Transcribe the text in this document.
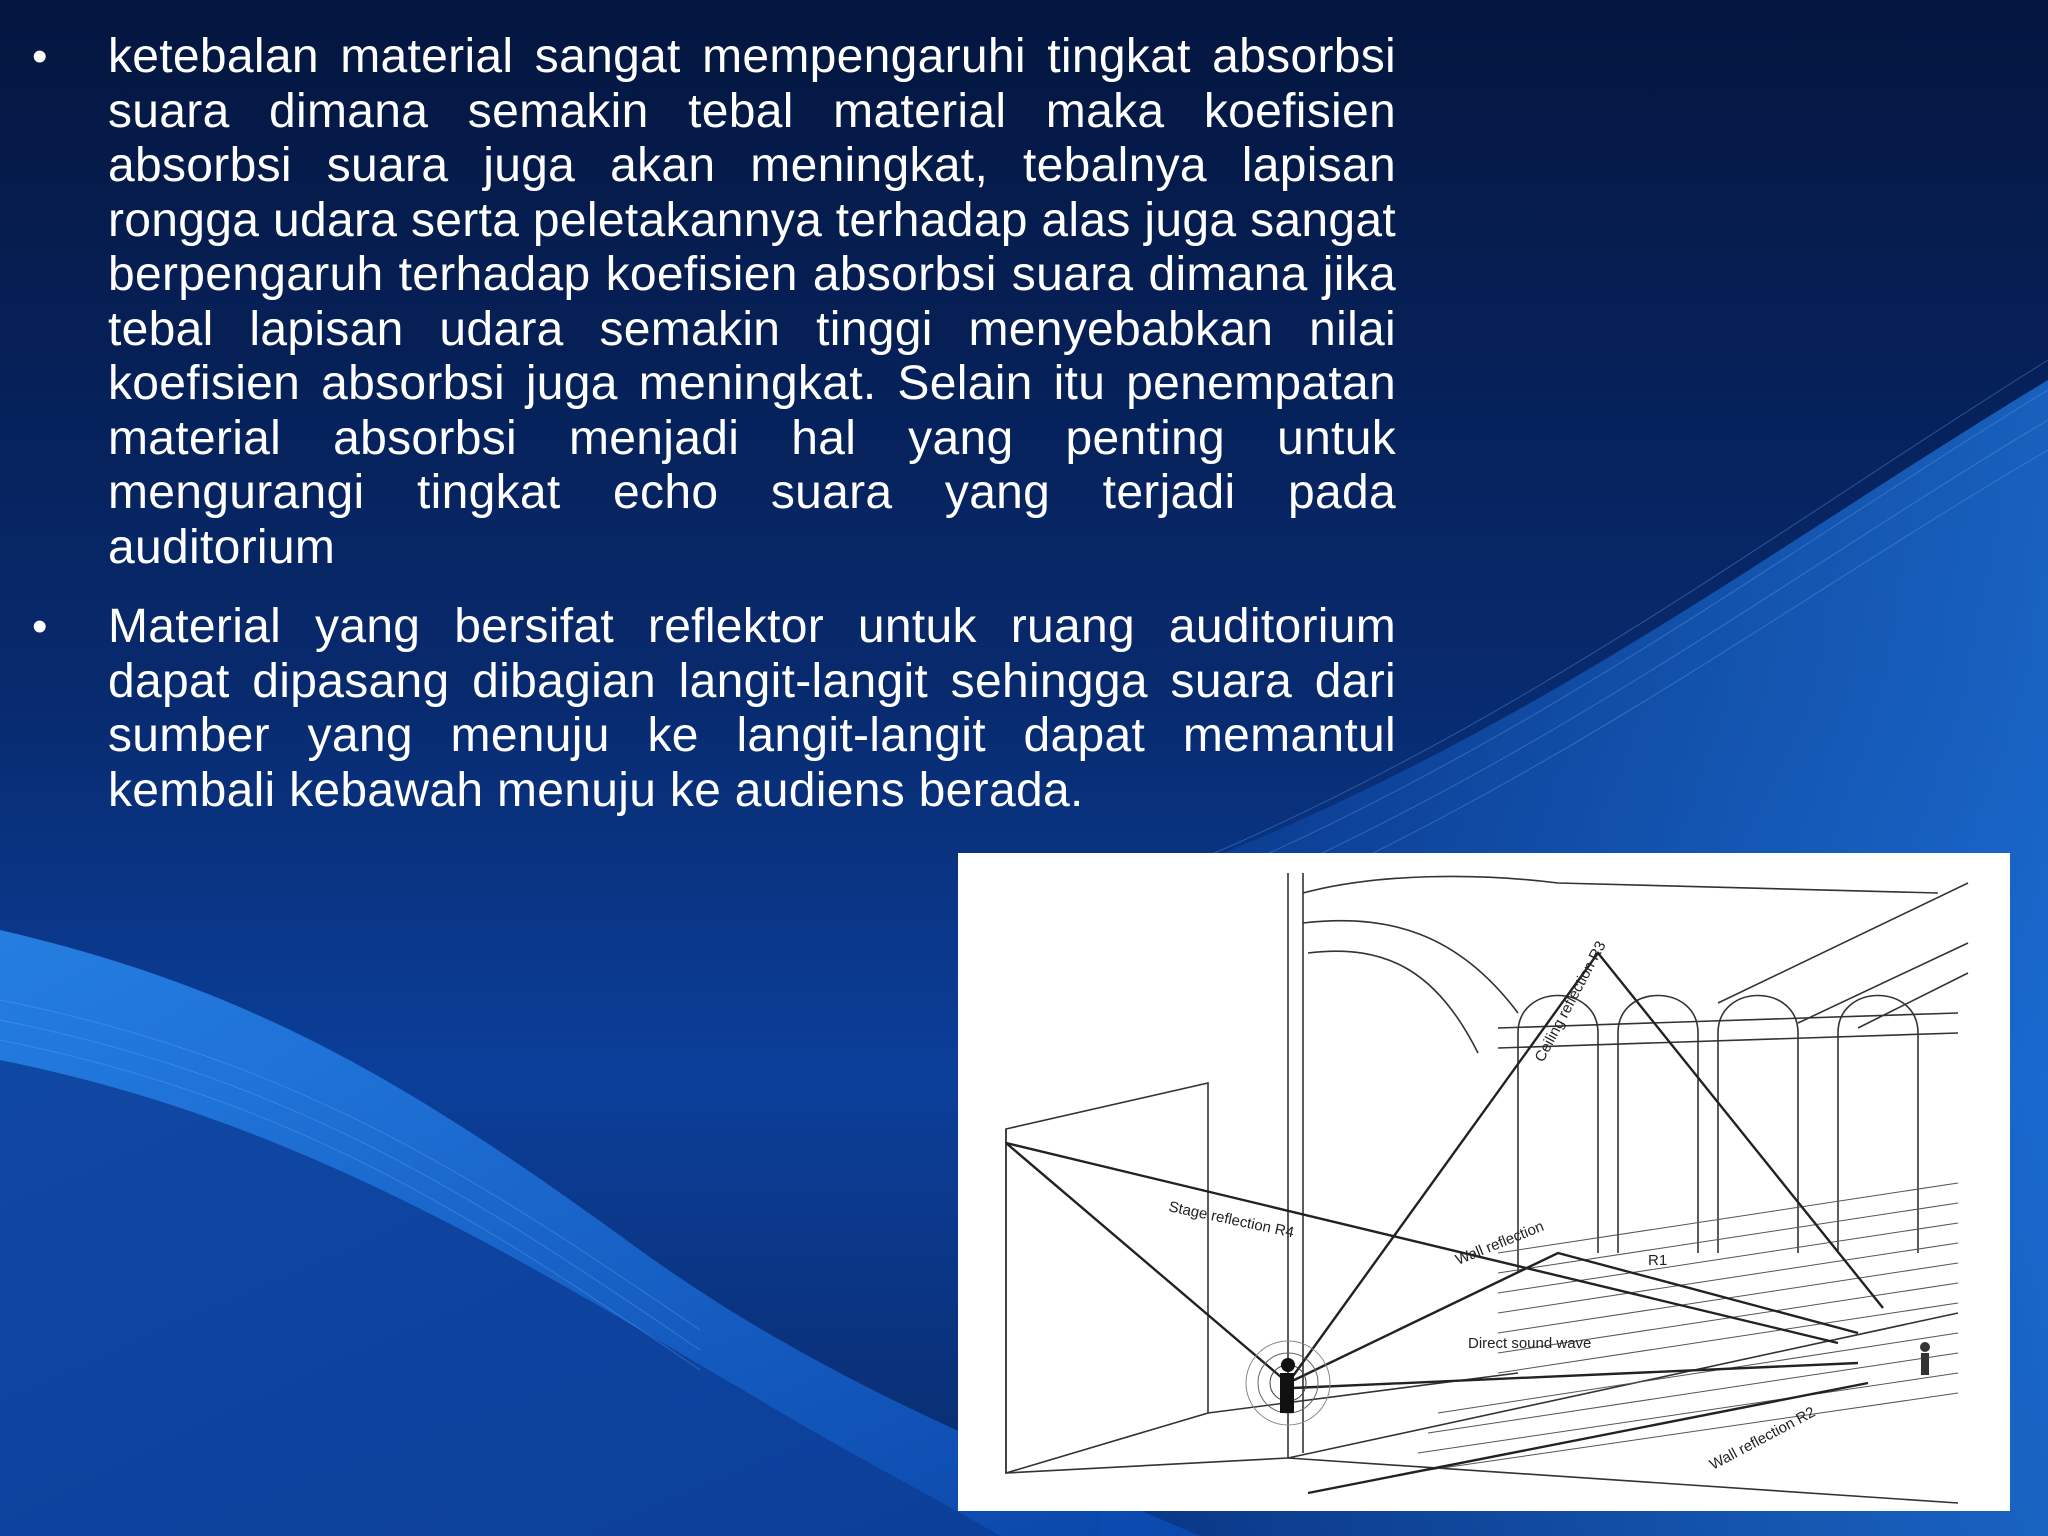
•	ketebalan material sangat mempengaruhi tingkat absorbsi suara dimana semakin tebal material maka koefisien absorbsi suara juga akan meningkat, tebalnya lapisan rongga udara serta peletakannya terhadap alas juga sangat berpengaruh terhadap koefisien absorbsi suara dimana jika tebal lapisan udara semakin tinggi menyebabkan nilai koefisien absorbsi juga meningkat. Selain itu penempatan material absorbsi menjadi hal yang penting untuk mengurangi tingkat echo suara yang terjadi pada auditorium
•	Material yang bersifat reflektor untuk ruang auditorium dapat dipasang dibagian langit-langit sehingga suara dari sumber yang menuju ke langit-langit dapat memantul kembali kebawah menuju ke audiens berada.
Ceiling reflection R3
Stage reflection R4	Wall reflection	R1
Direct sound wave
Wall reflection R2
